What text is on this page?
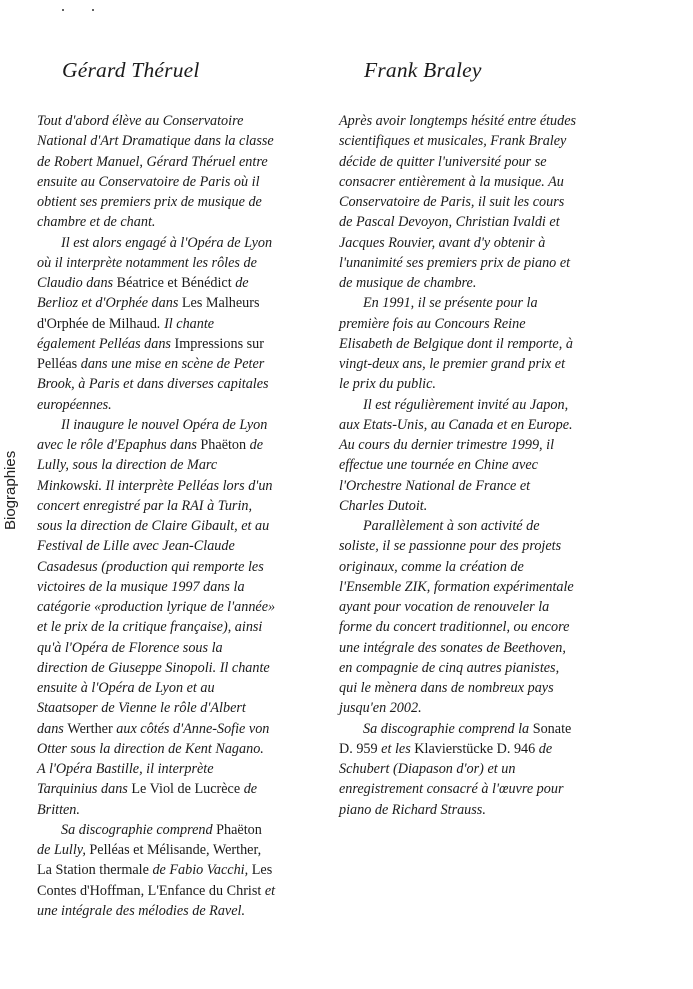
Gérard Théruel	Frank Braley
Tout d'abord élève au Conservatoire
National d'Art Dramatique dans la classe
de Robert Manuel, Gérard Théruel entre
ensuite au Conservatoire de Paris où il
obtient ses premiers prix de musique de
chambre et de chant.
Il est alors engagé à l'Opéra de Lyon
où il interprète notamment les rôles de
Claudio dans Béatrice et Bénédict de
Berlioz et d'Orphée dans Les Malheurs
d'Orphée de Milhaud. Il chante
également Pelléas dans Impressions sur
Pelléas dans une mise en scène de Peter
Brook, à Paris et dans diverses capitales
européennes.
Il inaugure le nouvel Opéra de Lyon
avec le rôle d'Epaphus dans Phaëton de
Lully, sous la direction de Marc
Minkowski. Il interprète Pelléas lors d'un
concert enregistré par la RAI à Turin,
sous la direction de Claire Gibault, et au
Festival de Lille avec Jean-Claude
Casadesus (production qui remporte les
victoires de la musique 1997 dans la
catégorie «production lyrique de l'année»
et le prix de la critique française), ainsi
qu'à l'Opéra de Florence sous la
direction de Giuseppe Sinopoli. Il chante
ensuite à l'Opéra de Lyon et au
Staatsoper de Vienne le rôle d'Albert
dans Werther aux côtés d'Anne-Sofie von
Otter sous la direction de Kent Nagano.
A l'Opéra Bastille, il interprète
Tarquinius dans Le Viol de Lucrèce de
Britten.
Sa discographie comprend Phaëton
de Lully, Pelléas et Mélisande, Werther,
La Station thermale de Fabio Vacchi, Les
Contes d'Hoffman, L'Enfance du Christ et
une intégrale des mélodies de Ravel.
Après avoir longtemps hésité entre études
scientifiques et musicales, Frank Braley
décide de quitter l'université pour se
consacrer entièrement à la musique. Au
Conservatoire de Paris, il suit les cours
de Pascal Devoyon, Christian Ivaldi et
Jacques Rouvier, avant d'y obtenir à
l'unanimité ses premiers prix de piano et
de musique de chambre.
En 1991, il se présente pour la
première fois au Concours Reine
Elisabeth de Belgique dont il remporte, à
vingt-deux ans, le premier grand prix et
le prix du public.
Il est régulièrement invité au Japon,
aux Etats-Unis, au Canada et en Europe.
Au cours du dernier trimestre 1999, il
effectue une tournée en Chine avec
l'Orchestre National de France et
Charles Dutoit.
Parallèlement à son activité de
soliste, il se passionne pour des projets
originaux, comme la création de
l'Ensemble ZIK, formation expérimentale
ayant pour vocation de renouveler la
forme du concert traditionnel, ou encore
une intégrale des sonates de Beethoven,
en compagnie de cinq autres pianistes,
qui le mènera dans de nombreux pays
jusqu'en 2002.
Sa discographie comprend la Sonate
D. 959 et les Klavierstücke D. 946 de
Schubert (Diapason d'or) et un
enregistrement consacré à l'œuvre pour
piano de Richard Strauss.
Biographies
